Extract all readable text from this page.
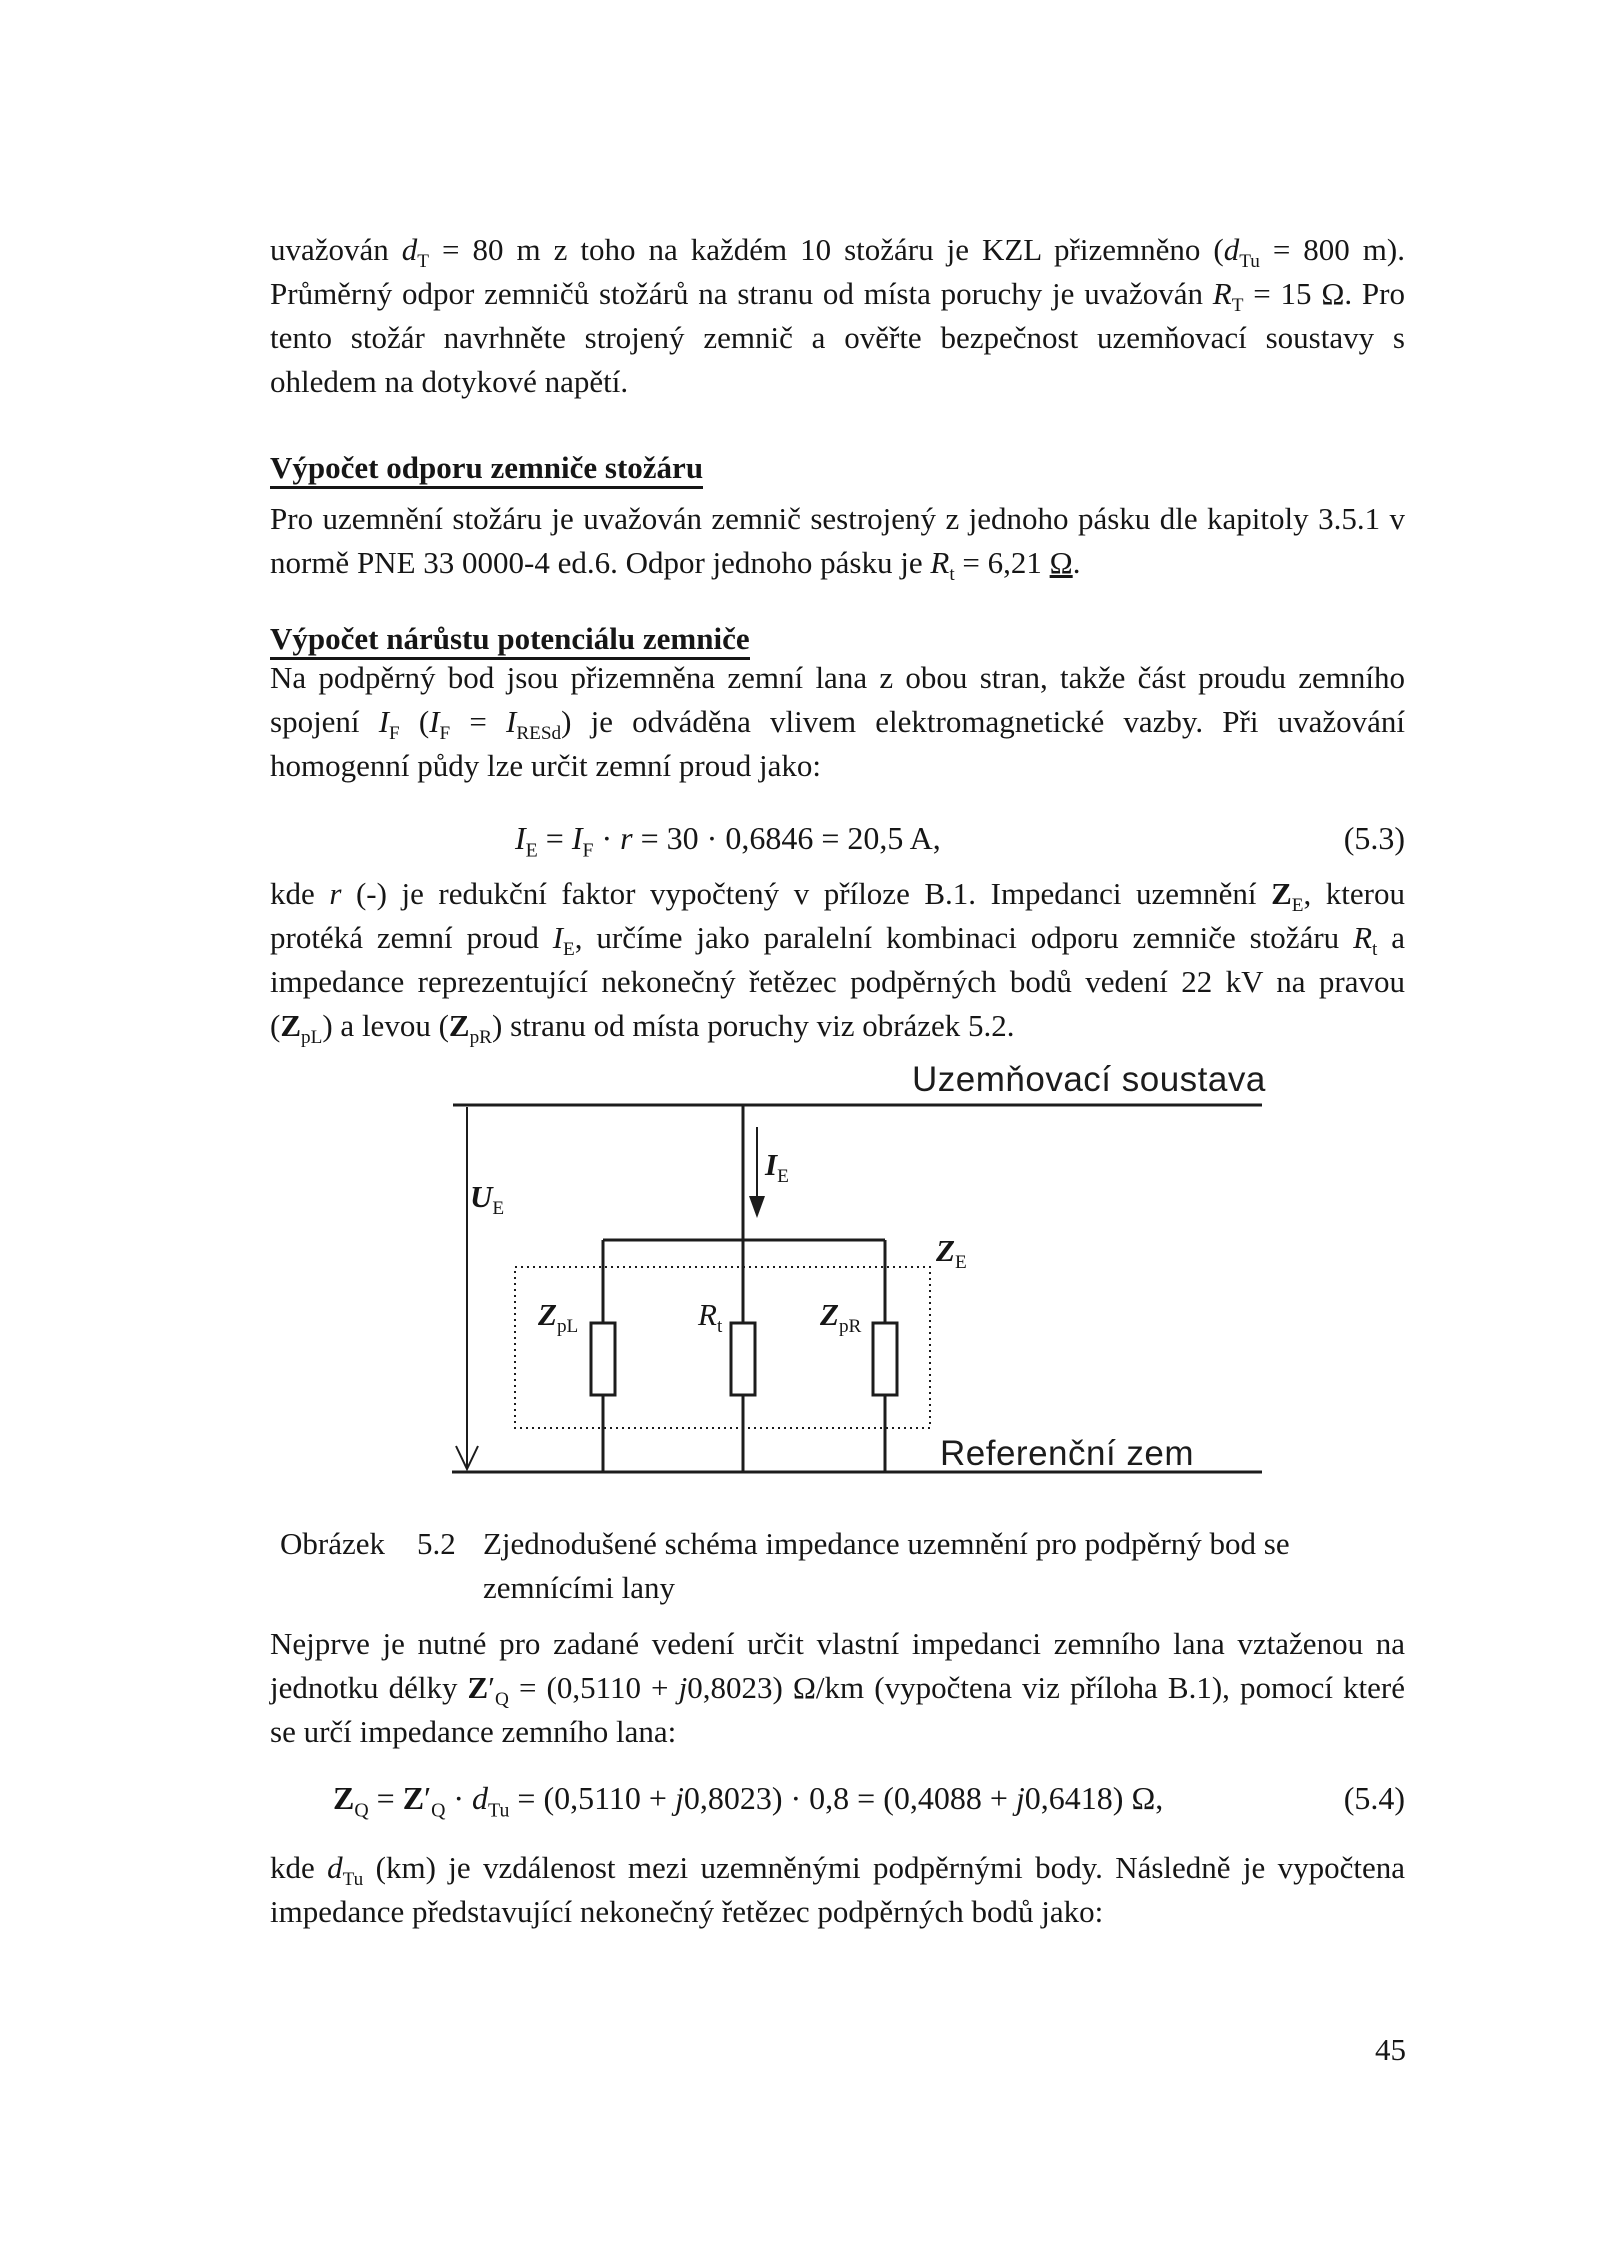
uvažován $d_T = 80$ m z toho na každém 10 stožáru je KZL přizemněno ($d_{Tu} = 800$ m). Průměrný odpor zemničů stožárů na stranu od místa poruchy je uvažován $R_T = 15$ Ω. Pro tento stožár navrhněte strojený zemnič a ověřte bezpečnost uzemňovací soustavy s ohledem na dotykové napětí.
Výpočet odporu zemniče stožáru
Pro uzemnění stožáru je uvažován zemnič sestrojený z jednoho pásku dle kapitoly 3.5.1 v normě PNE 33 0000-4 ed.6. Odpor jednoho pásku je $R_t = 6,21$ Ω.
Výpočet nárůstu potenciálu zemniče
Na podpěrný bod jsou přizemněna zemní lana z obou stran, takže část proudu zemního spojení $I_F$ $(I_F = I_{RESd})$ je odváděna vlivem elektromagnetické vazby. Při uvažování homogenní půdy lze určit zemní proud jako:
$I_E = I_F \cdot r = 30 \cdot 0,6846 = 20,5$ A,	(5.3)
kde r (-) je redukční faktor vypočtený v příloze B.1. Impedanci uzemnění $Z_E$, kterou protéká zemní proud $I_E$, určíme jako paralelní kombinaci odporu zemniče stožáru $R_t$ a impedance reprezentující nekonečný řetězec podpěrných bodů vedení 22 kV na pravou $(Z_{pL})$ a levou $(Z_{pR})$ stranu od místa poruchy viz obrázek 5.2.
Uzemňovací soustava
Referenční zem
$U_E$
$I_E$
$Z_E$
$Z_{pL}$	$R_t$	$Z_{pR}$
Obrázek 5.2 Zjednodušené schéma impedance uzemnění pro podpěrný bod se zemnícími lany
Nejprve je nutné pro zadané vedení určit vlastní impedanci zemního lana vztaženou na jednotku délky $Z'_Q = (0,5110 + j0,8023)$ Ω/km (vypočtena viz příloha B.1), pomocí které se určí impedance zemního lana:
$Z_Q = Z'_Q \cdot d_{Tu} = (0,5110 + j0,8023) \cdot 0,8 = (0,4088 + j0,6418)$ Ω,	(5.4)
kde $d_{Tu}$ (km) je vzdálenost mezi uzemněnými podpěrnými body. Následně je vypočtena impedance představující nekonečný řetězec podpěrných bodů jako:
45
